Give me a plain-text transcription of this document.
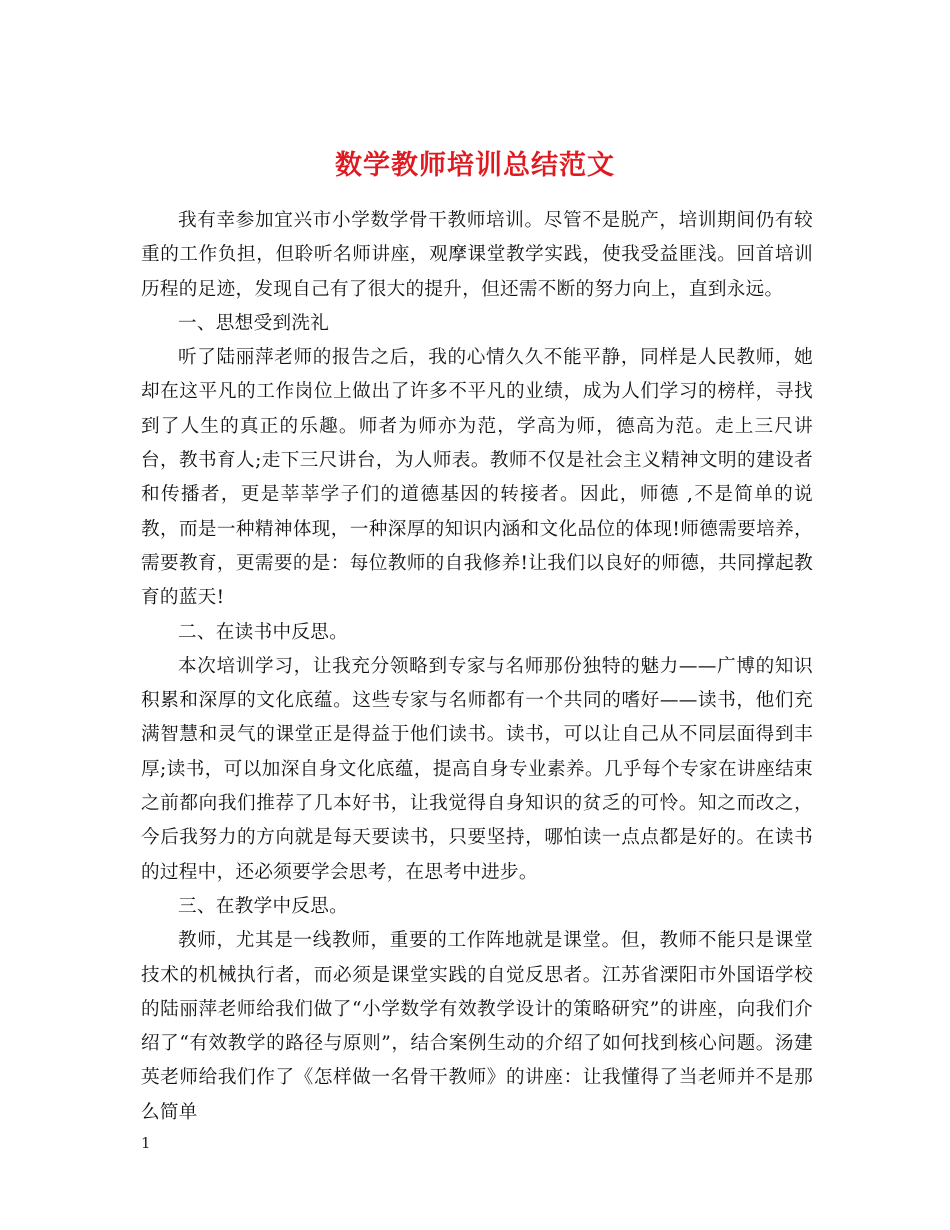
数学教师培训总结范文

我有幸参加宜兴市小学数学骨干教师培训。尽管不是脱产，培训期间仍有较重的工作负担，但聆听名师讲座，观摩课堂教学实践，使我受益匪浅。回首培训历程的足迹，发现自己有了很大的提升，但还需不断的努力向上，直到永远。

一、思想受到洗礼

听了陆丽萍老师的报告之后，我的心情久久不能平静，同样是人民教师，她却在这平凡的工作岗位上做出了许多不平凡的业绩，成为人们学习的榜样，寻找到了人生的真正的乐趣。师者为师亦为范，学高为师，德高为范。走上三尺讲台，教书育人;走下三尺讲台，为人师表。教师不仅是社会主义精神文明的建设者和传播者，更是莘莘学子们的道德基因的转接者。因此，师德 ,不是简单的说教，而是一种精神体现，一种深厚的知识内涵和文化品位的体现!师德需要培养，需要教育，更需要的是：每位教师的自我修养!让我们以良好的师德，共同撑起教育的蓝天!

二、在读书中反思。

本次培训学习，让我充分领略到专家与名师那份独特的魅力——广博的知识积累和深厚的文化底蕴。这些专家与名师都有一个共同的嗜好——读书，他们充满智慧和灵气的课堂正是得益于他们读书。读书，可以让自己从不同层面得到丰厚;读书，可以加深自身文化底蕴，提高自身专业素养。几乎每个专家在讲座结束之前都向我们推荐了几本好书，让我觉得自身知识的贫乏的可怜。知之而改之，今后我努力的方向就是每天要读书，只要坚持，哪怕读一点点都是好的。在读书的过程中，还必须要学会思考，在思考中进步。

三、在教学中反思。

教师，尤其是一线教师，重要的工作阵地就是课堂。但，教师不能只是课堂技术的机械执行者，而必须是课堂实践的自觉反思者。江苏省溧阳市外国语学校的陆丽萍老师给我们做了“小学数学有效教学设计的策略研究”的讲座，向我们介绍了“有效教学的路径与原则”，结合案例生动的介绍了如何找到核心问题。汤建英老师给我们作了《怎样做一名骨干教师》的讲座：让我懂得了当老师并不是那么简单

1
